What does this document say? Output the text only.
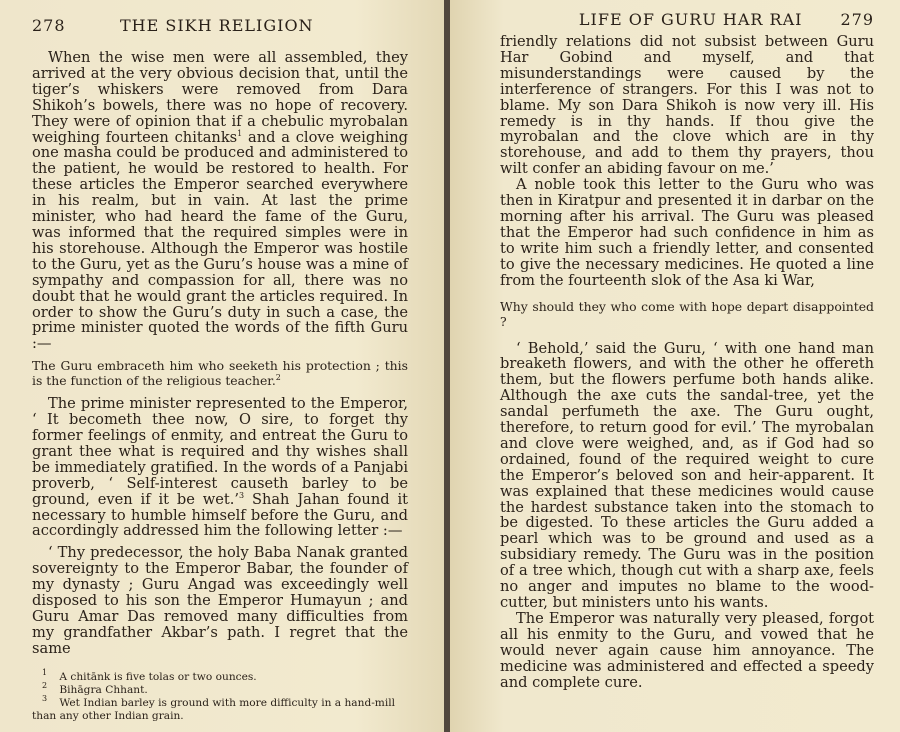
278	THE SIKH RELIGION

When the wise men were all assembled, they arrived at the very obvious decision that, until the tiger’s whiskers were removed from Dara Shikoh’s bowels, there was no hope of recovery. They were of opinion that if a chebulic myrobalan weighing fourteen chitanks$^1$ and a clove weighing one masha could be produced and administered to the patient, he would be restored to health. For these articles the Emperor searched everywhere in his realm, but in vain. At last the prime minister, who had heard the fame of the Guru, was informed that the required simples were in his storehouse. Although the Emperor was hostile to the Guru, yet as the Guru’s house was a mine of sympathy and compassion for all, there was no doubt that he would grant the articles required. In order to show the Guru’s duty in such a case, the prime minister quoted the words of the fifth Guru :—

The Guru embraceth him who seeketh his protection ; this is the function of the religious teacher.$^2$

The prime minister represented to the Emperor, ‘ It becometh thee now, O sire, to forget thy former feelings of enmity, and entreat the Guru to grant thee what is required and thy wishes shall be immediately gratified. In the words of a Panjabi proverb, ‘ Self-interest causeth barley to be ground, even if it be wet.’$^3$ Shah Jahan found it necessary to humble himself before the Guru, and accordingly addressed him the following letter :—

‘ Thy predecessor, the holy Baba Nanak granted sovereignty to the Emperor Babar, the founder of my dynasty ; Guru Angad was exceedingly well disposed to his son the Emperor Humayun ; and Guru Amar Das removed many difficulties from my grandfather Akbar’s path. I regret that the same

$^1$ A chitānk is five tolas or two ounces.
$^2$ Bihāgra Chhant.
$^3$ Wet Indian barley is ground with more difficulty in a hand-mill than any other Indian grain.
LIFE OF GURU HAR RAI 279

friendly relations did not subsist between Guru Har Gobind and myself, and that misunderstandings were caused by the interference of strangers. For this I was not to blame. My son Dara Shikoh is now very ill. His remedy is in thy hands. If thou give the myrobalan and the clove which are in thy storehouse, and add to them thy prayers, thou wilt confer an abiding favour on me.’

A noble took this letter to the Guru who was then in Kiratpur and presented it in darbar on the morning after his arrival. The Guru was pleased that the Emperor had such confidence in him as to write him such a friendly letter, and consented to give the necessary medicines. He quoted a line from the fourteenth slok of the Asa ki War,

Why should they who come with hope depart disappointed ?

‘ Behold,’ said the Guru, ‘ with one hand man breaketh flowers, and with the other he offereth them, but the flowers perfume both hands alike. Although the axe cuts the sandal-tree, yet the sandal perfumeth the axe. The Guru ought, therefore, to return good for evil.’ The myrobalan and clove were weighed, and, as if God had so ordained, found of the required weight to cure the Emperor’s beloved son and heir-apparent. It was explained that these medicines would cause the hardest substance taken into the stomach to be digested. To these articles the Guru added a pearl which was to be ground and used as a subsidiary remedy. The Guru was in the position of a tree which, though cut with a sharp axe, feels no anger and imputes no blame to the wood-cutter, but ministers unto his wants.

The Emperor was naturally very pleased, forgot all his enmity to the Guru, and vowed that he would never again cause him annoyance. The medicine was administered and effected a speedy and complete cure.
